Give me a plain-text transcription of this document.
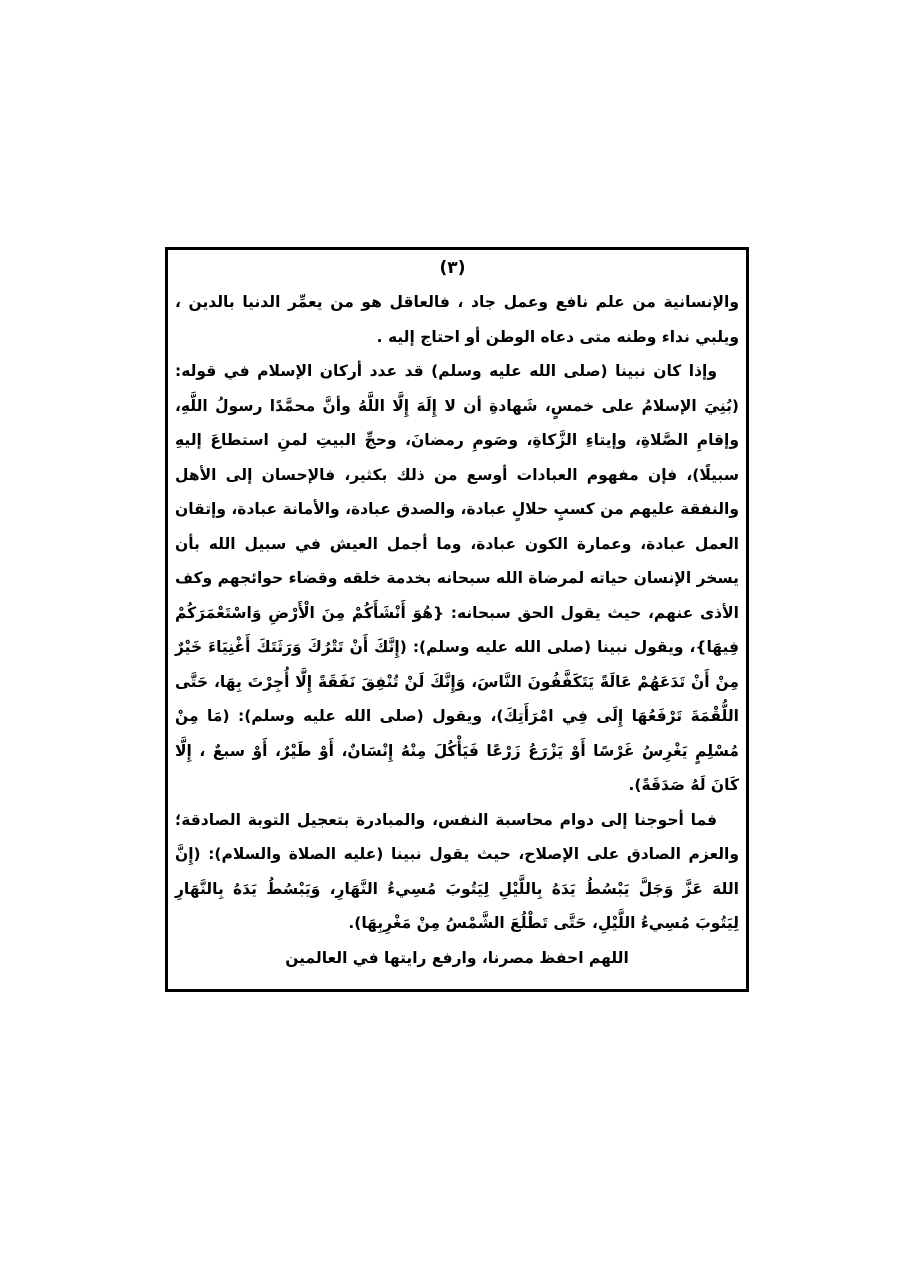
(٣)

والإنسانية من علم نافع وعمل جاد ، فالعاقل هو من يعمِّر الدنيا بالدين ، ويلبي نداء وطنه متى دعاه الوطن أو احتاج إليه .

وإذا كان نبينا (صلى الله عليه وسلم) قد عدد أركان الإسلام في قوله: (بُنِيَ الإسلامُ على خمسٍ، شَهادةِ أن لا إِلَهَ إِلَّا اللَّهُ وأنَّ محمَّدًا رسولُ اللَّهِ، وإقامِ الصَّلاةِ، وإيتاءِ الزَّكاةِ، وصَومِ رمضانَ، وحجِّ البيتِ لمنِ استطاعَ إليهِ سبيلًا)، فإن مفهوم العبادات أوسع من ذلك بكثير، فالإحسان إلى الأهل والنفقة عليهم من كسبٍ حلالٍ عبادة، والصدق عبادة، والأمانة عبادة، وإتقان العمل عبادة، وعمارة الكون عبادة، وما أجمل العيش في سبيل الله بأن يسخر الإنسان حياته لمرضاة الله سبحانه بخدمة خلقه وقضاء حوائجهم وكف الأذى عنهم، حيث يقول الحق سبحانه: {هُوَ أَنْشَأَكُمْ مِنَ الْأَرْضِ وَاسْتَعْمَرَكُمْ فِيهَا}، ويقول نبينا (صلى الله عليه وسلم): (إِنَّكَ أَنْ تَتْرُكَ وَرَثَتَكَ أَغْنِيَاءَ خَيْرٌ مِنْ أَنْ تَدَعَهُمْ عَالَةً يَتَكَفَّفُونَ النَّاسَ، وَإِنَّكَ لَنْ تُنْفِقَ نَفَقَةً إِلَّا أُجِرْتَ بِهَا، حَتَّى اللُّقْمَةَ تَرْفَعُهَا إِلَى فِي امْرَأَتِكَ)، ويقول (صلى الله عليه وسلم): (مَا مِنْ مُسْلِمٍ يَغْرِسُ غَرْسًا أَوْ يَزْرَعُ زَرْعًا فَيَأْكُلَ مِنْهُ إِنْسَانٌ، أَوْ طَيْرٌ، أَوْ سبعٌ ، إِلَّا كَانَ لَهُ صَدَقَةً).

فما أحوجنا إلى دوام محاسبة النفس، والمبادرة بتعجيل التوبة الصادقة؛ والعزم الصادق على الإصلاح، حيث يقول نبينا (عليه الصلاة والسلام): (إِنَّ اللهَ عَزَّ وَجَلَّ يَبْسُطُ يَدَهُ بِاللَّيْلِ لِيَتُوبَ مُسِيءُ النَّهَارِ، وَيَبْسُطُ يَدَهُ بِالنَّهَارِ لِيَتُوبَ مُسِيءُ اللَّيْلِ، حَتَّى تَطْلُعَ الشَّمْسُ مِنْ مَغْرِبِهَا).

اللهم احفظ مصرنا، وارفع رايتها في العالمين
